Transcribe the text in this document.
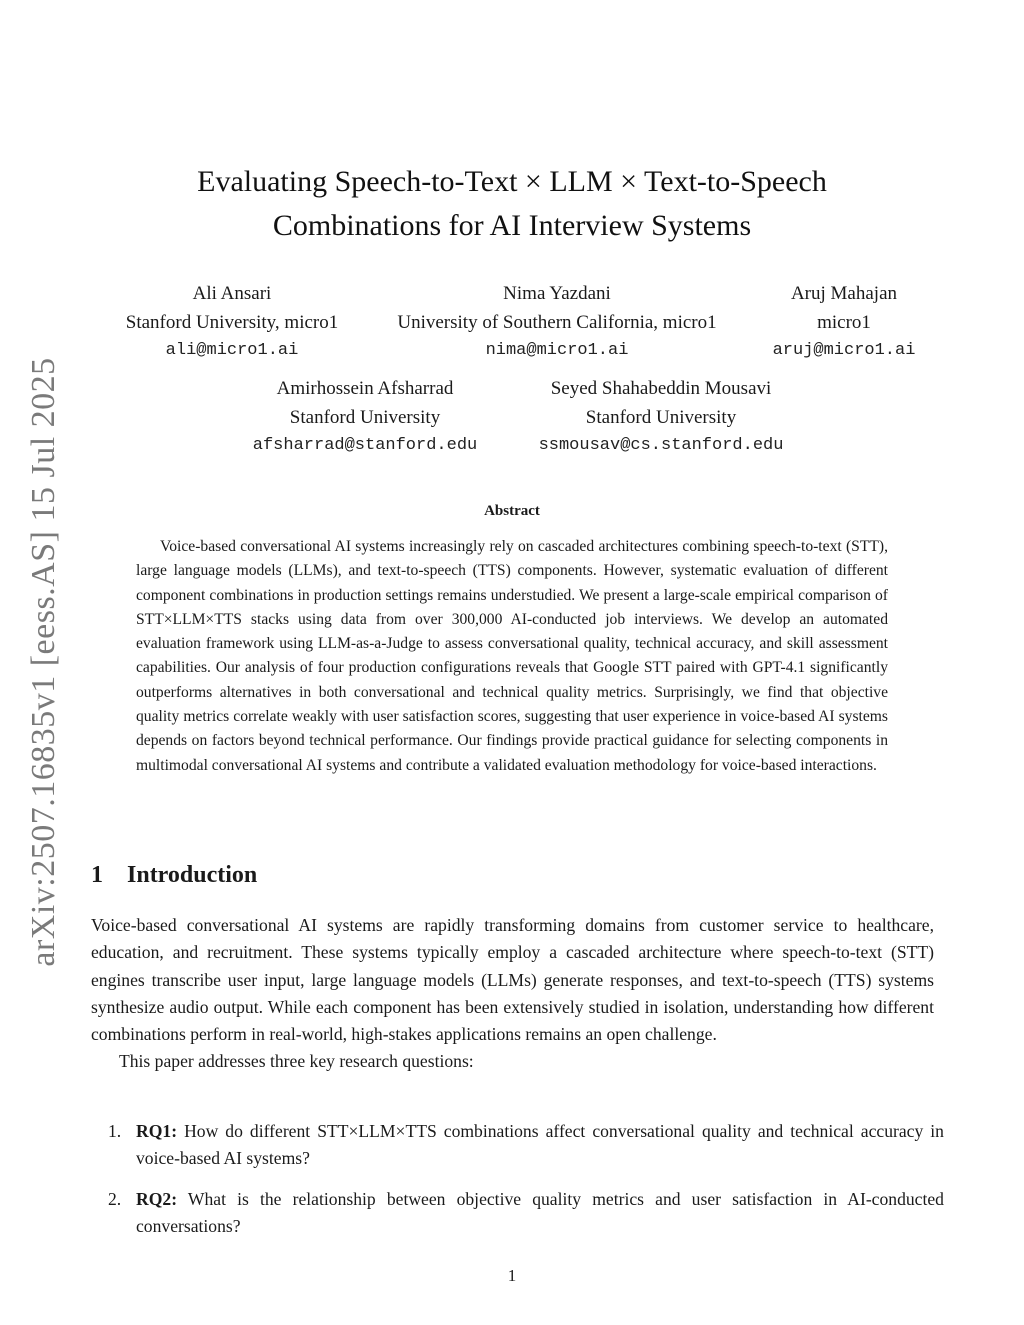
arXiv:2507.16835v1 [eess.AS] 15 Jul 2025
Evaluating Speech-to-Text × LLM × Text-to-Speech
Combinations for AI Interview Systems
Ali Ansari
Stanford University, micro1
ali@micro1.ai
Nima Yazdani
University of Southern California, micro1
nima@micro1.ai
Aruj Mahajan
micro1
aruj@micro1.ai
Amirhossein Afsharrad
Stanford University
afsharrad@stanford.edu
Seyed Shahabeddin Mousavi
Stanford University
ssmousav@cs.stanford.edu
Abstract
Voice-based conversational AI systems increasingly rely on cascaded architectures combining speech-to-text (STT), large language models (LLMs), and text-to-speech (TTS) components. However, systematic evaluation of different component combinations in production settings remains understudied. We present a large-scale empirical comparison of STT×LLM×TTS stacks using data from over 300,000 AI-conducted job interviews. We develop an automated evaluation framework using LLM-as-a-Judge to assess conversational quality, technical accuracy, and skill assessment capabilities. Our analysis of four production configurations reveals that Google STT paired with GPT-4.1 significantly outperforms alternatives in both conversational and technical quality metrics. Surprisingly, we find that objective quality metrics correlate weakly with user satisfaction scores, suggesting that user experience in voice-based AI systems depends on factors beyond technical performance. Our findings provide practical guidance for selecting components in multimodal conversational AI systems and contribute a validated evaluation methodology for voice-based interactions.
1 Introduction

Voice-based conversational AI systems are rapidly transforming domains from customer service to healthcare, education, and recruitment. These systems typically employ a cascaded architecture where speech-to-text (STT) engines transcribe user input, large language models (LLMs) generate responses, and text-to-speech (TTS) systems synthesize audio output. While each component has been extensively studied in isolation, understanding how different combinations perform in real-world, high-stakes applications remains an open challenge.

This paper addresses three key research questions:

1. RQ1: How do different STT×LLM×TTS combinations affect conversational quality and technical accuracy in voice-based AI systems?
2. RQ2: What is the relationship between objective quality metrics and user satisfaction in AI-conducted conversations?
1
